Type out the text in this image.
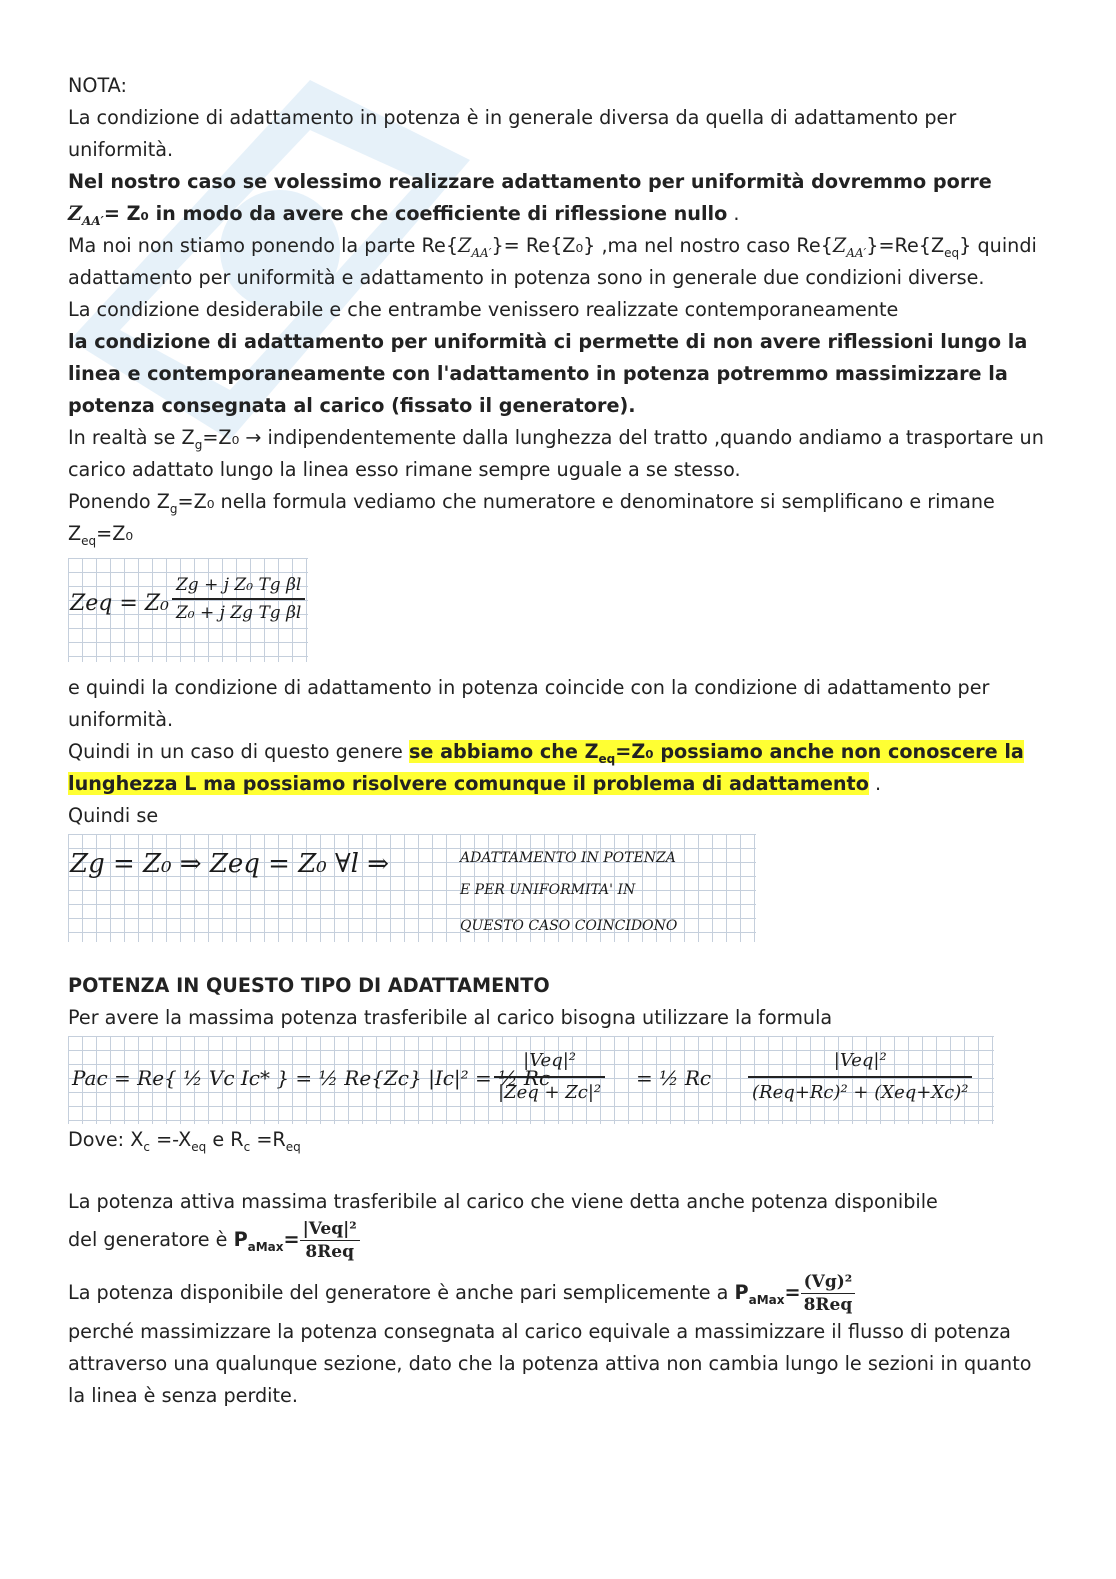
NOTA:

La condizione di adattamento in potenza è in generale diversa da quella di adattamento per uniformità.

Nel nostro caso se volessimo realizzare adattamento per uniformità dovremmo porre
$Z_{AA'}= Z_0$ in modo da avere che coefficiente di riflessione nullo .

Ma noi non stiamo ponendo la parte $Re\{Z_{AA'}\}= Re\{Z_0\}$ ,ma nel nostro caso $Re\{Z_{AA'}\}=Re\{Z_{eq}\}$ quindi adattamento per uniformità e adattamento in potenza sono in generale due condizioni diverse.

La condizione desiderabile e che entrambe venissero realizzate contemporaneamente

la condizione di adattamento per uniformità ci permette di non avere riflessioni lungo la linea e contemporaneamente con l'adattamento in potenza potremmo massimizzare la potenza consegnata al carico (fissato il generatore).

In realtà se $Z_g=Z_0$ → indipendentemente dalla lunghezza del tratto ,quando andiamo a trasportare un carico adattato lungo la linea esso rimane sempre uguale a se stesso.

Ponendo $Z_g=Z_0$ nella formula vediamo che numeratore e denominatore si semplificano e rimane $Z_{eq}=Z_0$

Zeq = $Z_0 \frac{\text{Zg + j Z₀ Tg βl}}{\text{Z₀ + j Zg Tg βl}}$

e quindi la condizione di adattamento in potenza coincide con la condizione di adattamento per uniformità.

Quindi in un caso di questo genere se abbiamo che $Z_{eq}=Z_0$ possiamo anche non conoscere la lunghezza L ma possiamo risolvere comunque il problema di adattamento .

Quindi se

Zg = Z₀ ⇒ Zeq = Z₀ ∀l ⇒	ADATTAMENTO IN POTENZA
E PER UNIFORMITA' IN
QUESTO CASO COINCIDONO

POTENZA IN QUESTO TIPO DI ADATTAMENTO

Per avere la massima potenza trasferibile al carico bisogna utilizzare la formula

Pac = Re{ ½ Vc Ic* } = ½ Re{Zc} |Ic|² = ½ Rc
|Veq|²
|Zeq + Zc|²
= ½ Rc
|Veq|²
(Req+Rc)² + (Xeq+Xc)²

Dove: $X_c =-X_{eq}$ e $R_c =R_{eq}$

La potenza attiva massima trasferibile al carico che viene detta anche potenza disponibile
del generatore è $P_{aMax}= \frac{\text{|Veq|²}}{\text{8Req}}$

La potenza disponibile del generatore è anche pari semplicemente a $P_{aMax}= \frac{\text{(Vg)²}}{\text{8Req}}$

perché massimizzare la potenza consegnata al carico equivale a massimizzare il flusso di potenza attraverso una qualunque sezione, dato che la potenza attiva non cambia lungo le sezioni in quanto la linea è senza perdite.
